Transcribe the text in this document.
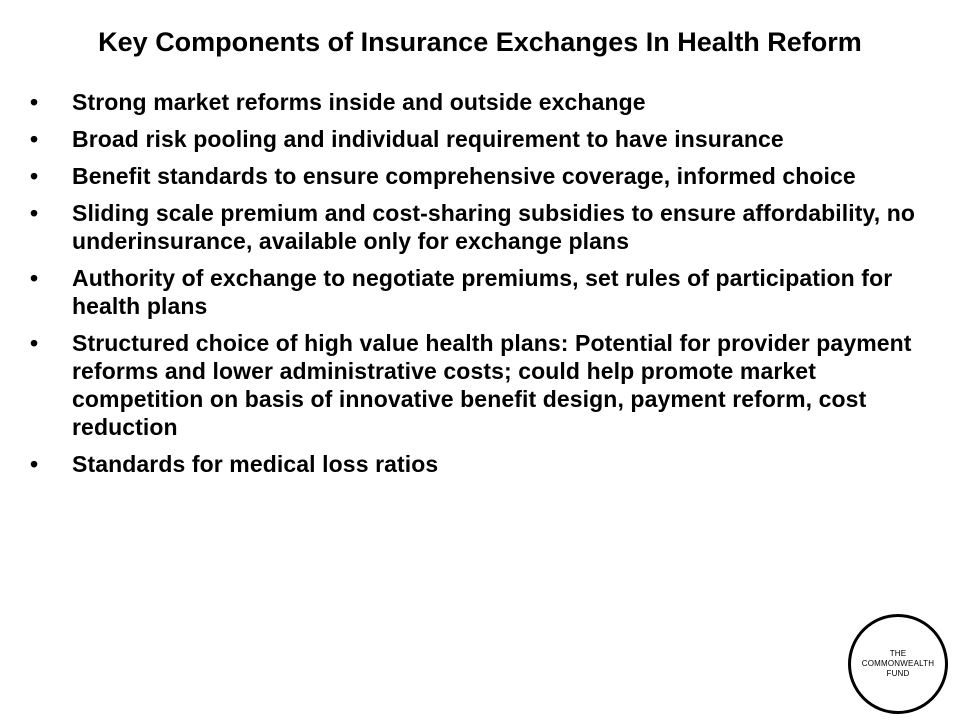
Key Components of Insurance Exchanges In Health Reform
•	Strong market reforms inside and outside exchange
•	Broad risk pooling and individual requirement to have insurance
•	Benefit standards to ensure comprehensive coverage, informed choice
•	Sliding scale premium and cost-sharing subsidies to ensure affordability, no underinsurance, available only for exchange plans
•	Authority of exchange to negotiate premiums, set rules of participation for health plans
•	Structured choice of high value health plans: Potential for provider payment reforms and lower administrative costs; could help promote market competition on basis of innovative benefit design, payment reform, cost reduction
•	Standards for medical loss ratios
THE
COMMONWEALTH
FUND
